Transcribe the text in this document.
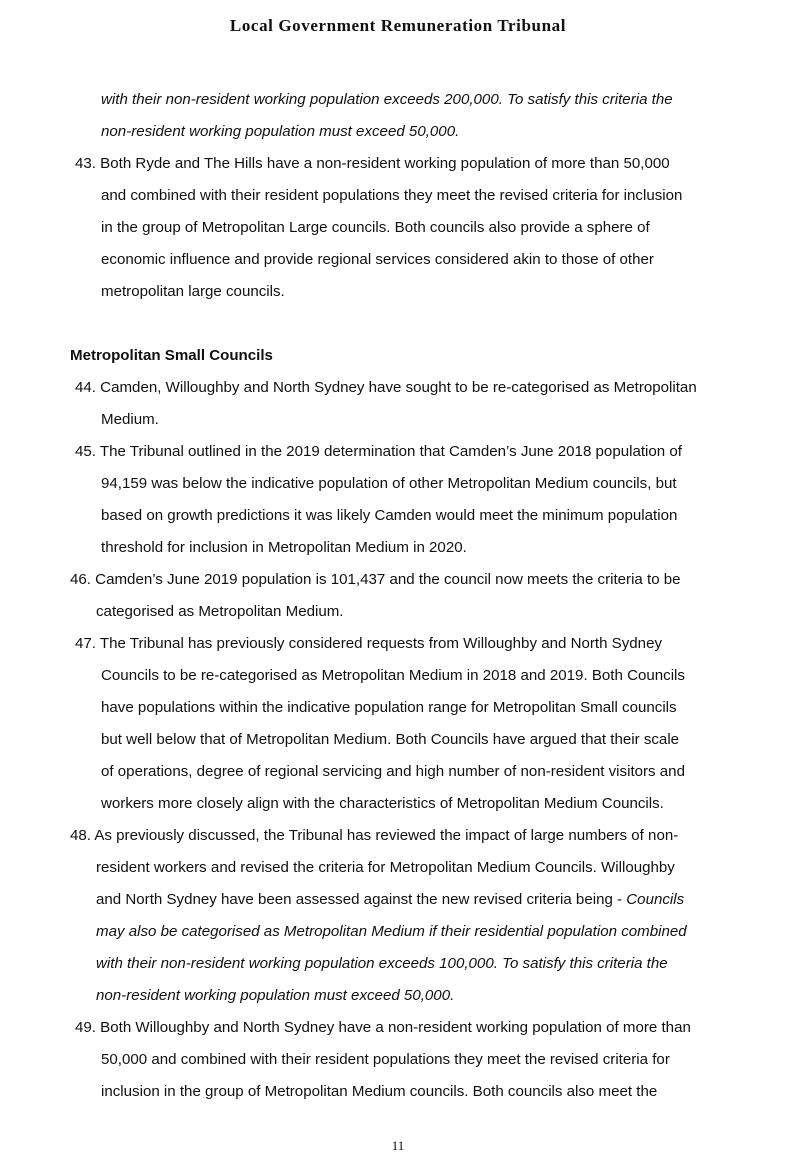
Local Government Remuneration Tribunal
with their non-resident working population exceeds 200,000. To satisfy this criteria the
non-resident working population must exceed 50,000.
43. Both Ryde and The Hills have a non-resident working population of more than 50,000
and combined with their resident populations they meet the revised criteria for inclusion
in the group of Metropolitan Large councils. Both councils also provide a sphere of
economic influence and provide regional services considered akin to those of other
metropolitan large councils.
Metropolitan Small Councils
44. Camden, Willoughby and North Sydney have sought to be re-categorised as Metropolitan
Medium.
45. The Tribunal outlined in the 2019 determination that Camden’s June 2018 population of
94,159 was below the indicative population of other Metropolitan Medium councils, but
based on growth predictions it was likely Camden would meet the minimum population
threshold for inclusion in Metropolitan Medium in 2020.
46. Camden’s June 2019 population is 101,437 and the council now meets the criteria to be
categorised as Metropolitan Medium.
47. The Tribunal has previously considered requests from Willoughby and North Sydney
Councils to be re-categorised as Metropolitan Medium in 2018 and 2019. Both Councils
have populations within the indicative population range for Metropolitan Small councils
but well below that of Metropolitan Medium. Both Councils have argued that their scale
of operations, degree of regional servicing and high number of non-resident visitors and
workers more closely align with the characteristics of Metropolitan Medium Councils.
48. As previously discussed, the Tribunal has reviewed the impact of large numbers of non-
resident workers and revised the criteria for Metropolitan Medium Councils. Willoughby
and North Sydney have been assessed against the new revised criteria being - Councils
may also be categorised as Metropolitan Medium if their residential population combined
with their non-resident working population exceeds 100,000. To satisfy this criteria the
non-resident working population must exceed 50,000.
49. Both Willoughby and North Sydney have a non-resident working population of more than
50,000 and combined with their resident populations they meet the revised criteria for
inclusion in the group of Metropolitan Medium councils. Both councils also meet the
11
